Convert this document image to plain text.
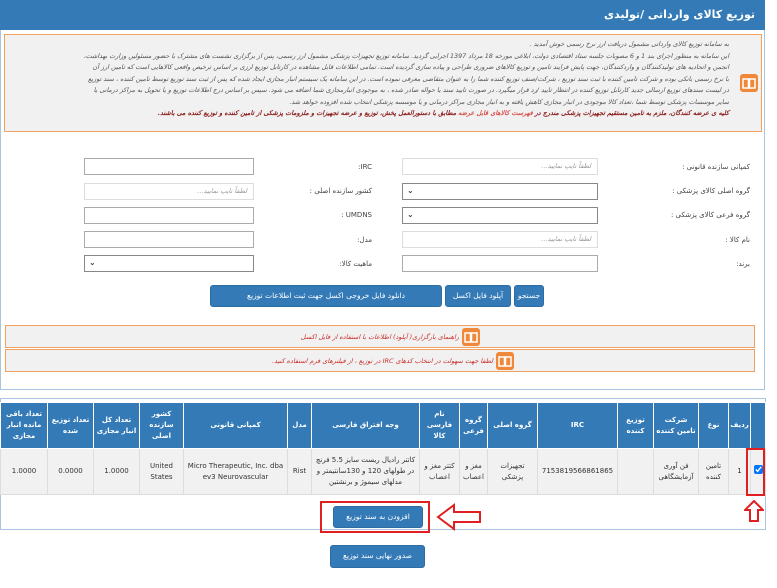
توزیع کالای وارداتی /تولیدی
به سامانه توزیع کالای وارداتی مشمول دریافت ارز نرخ رسمی خوش آمدید .
این سامانه به منظور اجرای بند 1 و 6 مصوبات جلسه ستاد اقتصادی دولت، ابلاغی مورخه 18 مرداد 1397 اجرایی گردید. سامانه توزیع تجهیزات پزشکی مشمول ارز رسمی، پس از برگزاری نشست های مشترک با حضور مسئولین وزارت بهداشت،
انجمن و اتحادیه های تولیدکنندگان و واردکنندگان، جهت پایش فرایند تامین و توزیع کالاهای ضروری طراحی و پیاده سازی گردیده است. تمامی اطلاعات قابل مشاهده در کارتابل توزیع ارزی بر اساس ترخیص واقعی کالاهایی است که تامین ارز آن
با نرخ رسمی بانکی بوده و شرکت تامین کننده با ثبت سند توزیع ، شرکت/صنف توزیع کننده شما را به عنوان متقاضی معرفی نموده است. در این سامانه یک سیستم انبار مجازی ایجاد شده که پس از ثبت سند توزیع توسط تامین کننده ، سند توزیع
در لیست سندهای توزیع ارسالی جدید کارتابل توزیع کننده در انتظار تایید /رد قرار میگیرد. در صورت تایید سند یا حواله صادر شده ، به موجودی انبارمجازی شما اضافه می شود. سپس بر اساس درج اطلاعات توزیع و یا تحویل به مراکز درمانی یا
سایر موسسات پزشکی توسط شما ،تعداد کالا موجودی در انبار مجازی کاهش یافته و به انبار مجازی مراکز درمانی و یا موسسه پزشکی انتخاب شده افزوده خواهد شد.
کلیه ی عرضه کنندگان، ملزم به تامین مستقیم تجهیزات پزشکی مندرج در فهرست کالاهای قابل عرضه مطابق با دستورالعمل پخش، توزیع و عرضه تجهیزات و ملزومات پزشکی از تامین کننده و توزیع کننده می باشند.
کمپانی سازنده قانونی :
لطفاً تایپ نمایید...
IRC:
گروه اصلی کالای پزشکی :
⌄
کشور سازنده اصلی :
لطفاً تایپ نمایید...
گروه فرعی کالای پزشکی :
⌄
UMDNS :
نام کالا :
لطفاً تایپ نمایید...
مدل:
برند:
ماهیت کالا:
⌄
جستجو
آپلود فایل اکسل
دانلود فایل خروجی اکسل جهت ثبت اطلاعات توزیع
راهنمای بارگزاری( آپلود) اطلاعات با استفاده از فایل اکسل
لطفا جهت سهولت در انتخاب کدهای IRC در توزیع ، از فیلترهای فرم استفاده کنید.
	ردیف	نوع	شرکت تامین کننده	توزیع کننده	IRC	گروه اصلی	گروه فرعی	نام فارسی کالا	وجه افتراق فارسی	مدل	کمپانی قانونی	کشور سازنده اصلی	تعداد کل انبار مجازی	تعداد توزیع شده	تعداد باقی مانده انبار مجازی
	1	تامین کننده	فن آوری آزمایشگاهی		7153819566861865	تجهیزات پزشکی	مغز و اعصاب	کتتر مغز و اعصاب	کاتتر رادیال ریست سایز 5.5 فرنچ در طولهای 120 و 130سانتیمتر و مدلهای سیموژ و برنشتین	Rist	Micro Therapeutic, Inc. dba ev3 Neurovascular	United States	1.0000	0.0000	1.0000
افزودن به سند توزیع
صدور نهایی سند توزیع
